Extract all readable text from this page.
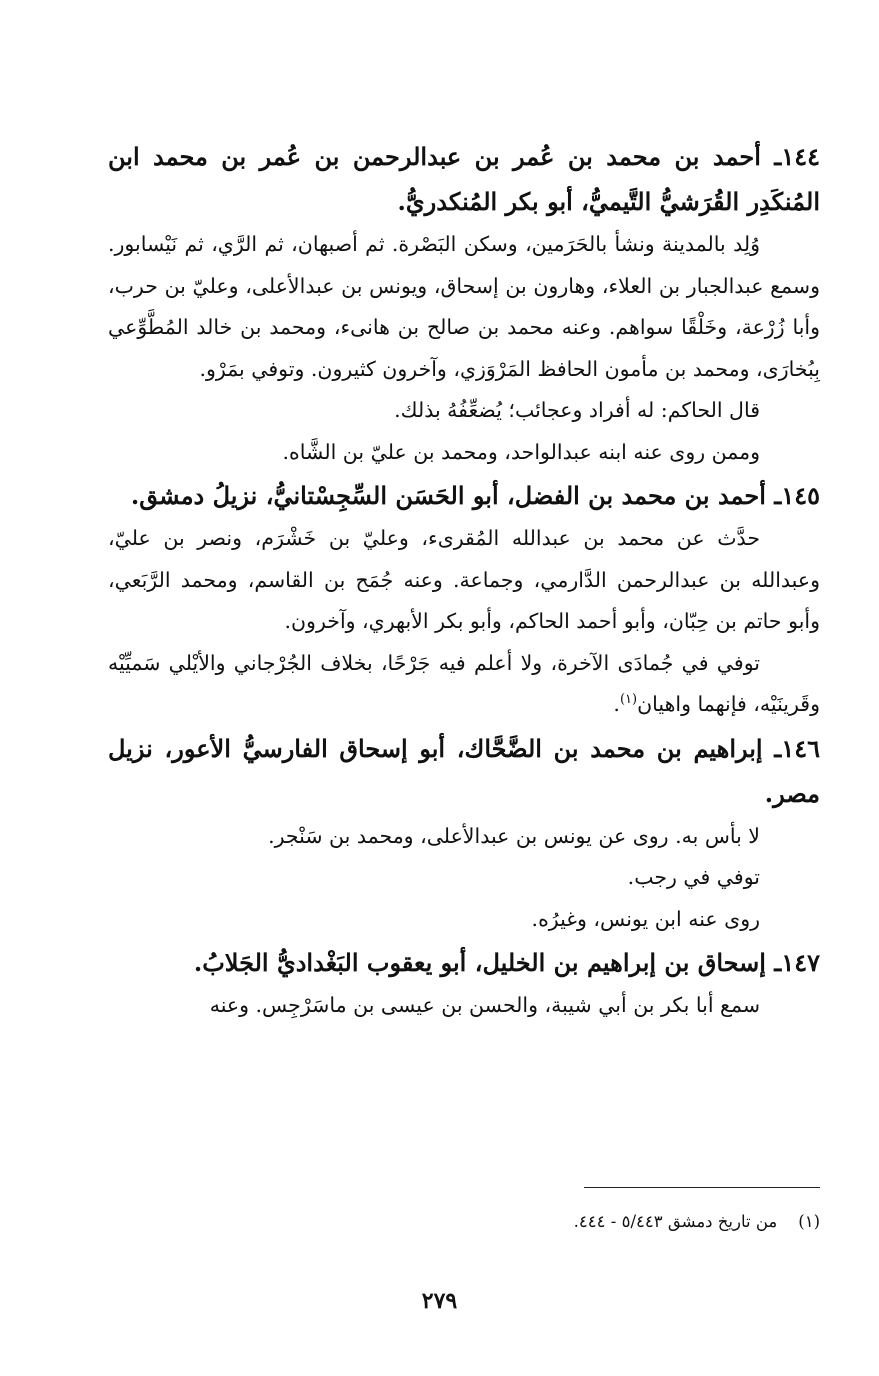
١٤٤ـ أحمد بن محمد بن عُمر بن عبدالرحمن بن عُمر بن محمد ابن المُنكَدِر القُرَشيُّ التَّيميُّ، أبو بكر المُنكدريُّ.

وُلِد بالمدينة ونشأ بالحَرَمين، وسكن البَصْرة. ثم أصبهان، ثم الرَّي، ثم نَيْسابور. وسمع عبدالجبار بن العلاء، وهارون بن إسحاق، ويونس بن عبدالأعلى، وعليّ بن حرب، وأبا زُرْعة، وخَلْقًا سواهم. وعنه محمد بن صالح بن هانىء، ومحمد بن خالد المُطَّوِّعي بِبُخارَى، ومحمد بن مأمون الحافظ المَرْوَزي، وآخرون كثيرون. وتوفي بمَرْو.

قال الحاكم: له أفراد وعجائب؛ يُضعِّفُهُ بذلك.

وممن روى عنه ابنه عبدالواحد، ومحمد بن عليّ بن الشَّاه.

١٤٥ـ أحمد بن محمد بن الفضل، أبو الحَسَن السِّجِسْتانيُّ، نزيلُ دمشق.

حدَّث عن محمد بن عبدالله المُقرىء، وعليّ بن خَشْرَم، ونصر بن عليّ، وعبدالله بن عبدالرحمن الدَّارمي، وجماعة. وعنه جُمَح بن القاسم، ومحمد الرَّبَعي، وأبو حاتم بن حِبّان، وأبو أحمد الحاكم، وأبو بكر الأبهري، وآخرون.

توفي في جُمادَى الآخرة، ولا أعلم فيه جَرْحًا، بخلاف الجُرْجاني والأيْلي سَميِّيْه وقَرينَيْه، فإنهما واهيان$^{(١)}$.

١٤٦ـ إبراهيم بن محمد بن الضَّحَّاك، أبو إسحاق الفارسيُّ الأعور، نزيل مصر.

لا بأس به. روى عن يونس بن عبدالأعلى، ومحمد بن سَنْجر.

توفي في رجب.

روى عنه ابن يونس، وغيرُه.

١٤٧ـ إسحاق بن إبراهيم بن الخليل، أبو يعقوب البَغْداديُّ الجَلابُ.

سمع أبا بكر بن أبي شيبة، والحسن بن عيسى بن ماسَرْجِس. وعنه

(١)    من تاريخ دمشق ٥/٤٤٣ - ٤٤٤.
٢٧٩
